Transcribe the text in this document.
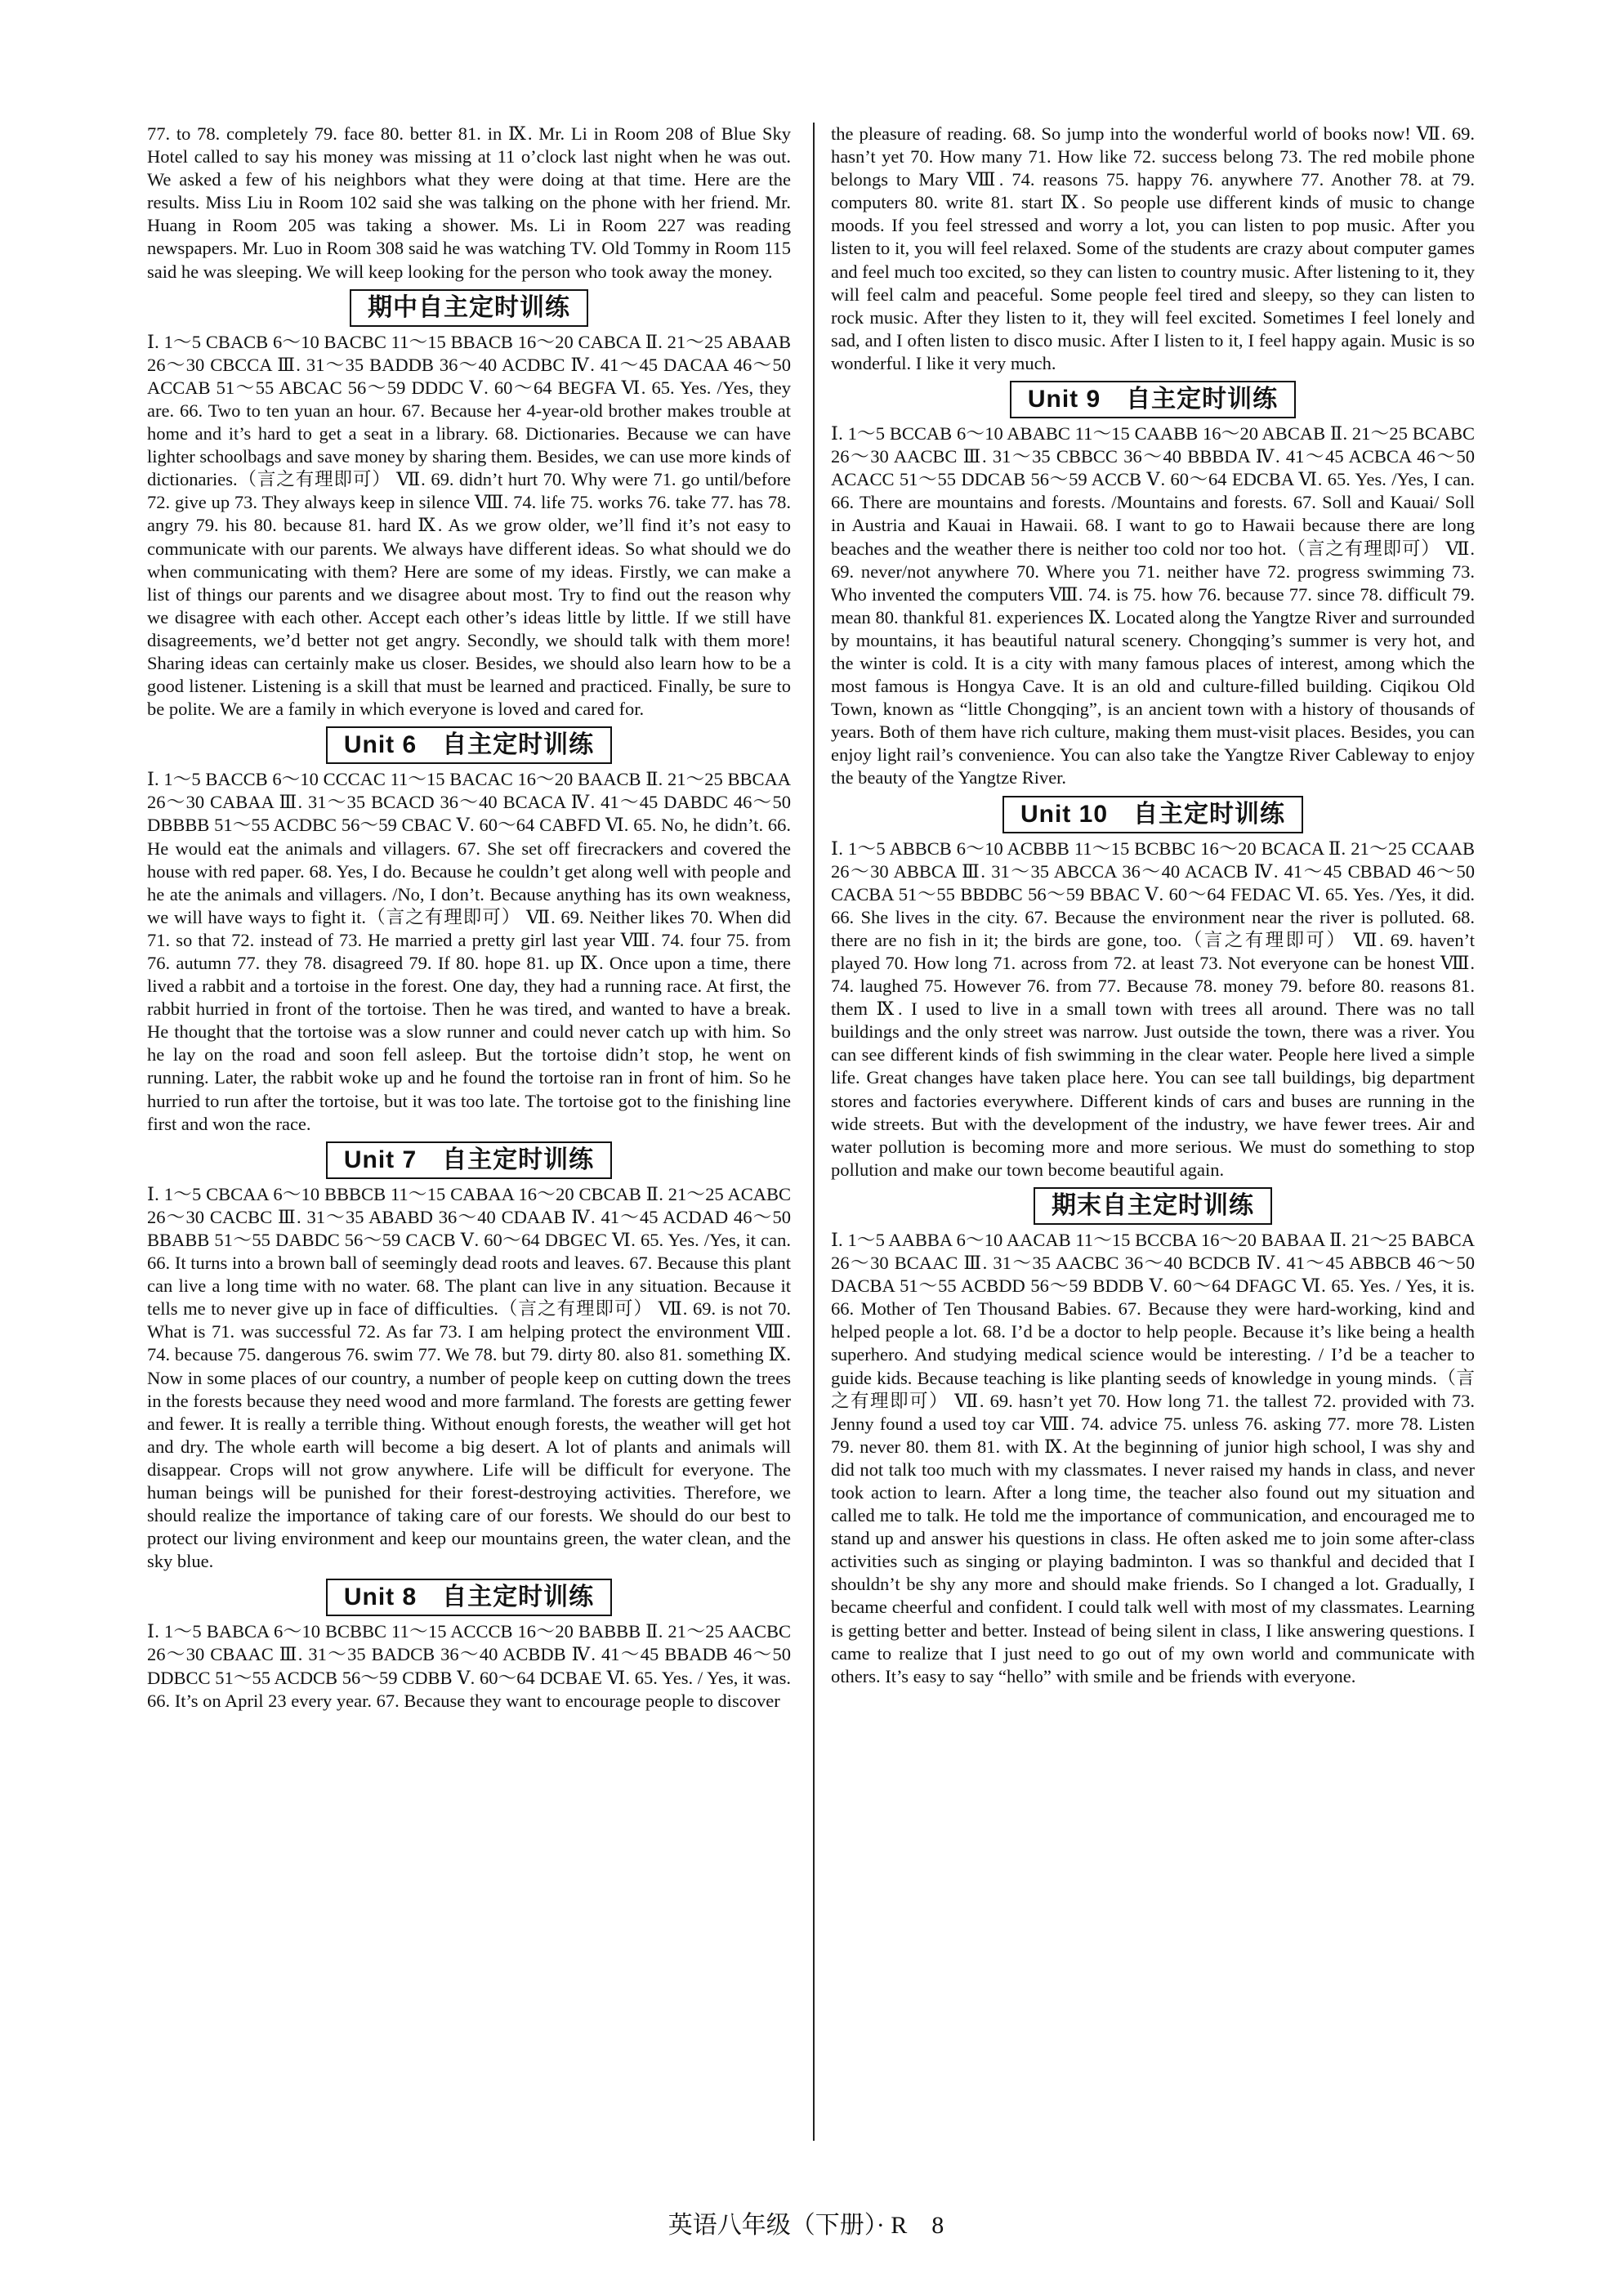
77. to 78. completely 79. face 80. better 81. in Ⅸ. Mr. Li in Room 208 of Blue Sky Hotel called to say his money was missing at 11 o’clock last night when he was out. We asked a few of his neighbors what they were doing at that time. Here are the results. Miss Liu in Room 102 said she was talking on the phone with her friend. Mr. Huang in Room 205 was taking a shower. Ms. Li in Room 227 was reading newspapers. Mr. Luo in Room 308 said he was watching TV. Old Tommy in Room 115 said he was sleeping. We will keep looking for the person who took away the money.

期中自主定时训练

Ⅰ. 1～5 CBACB 6～10 BACBC 11～15 BBACB 16～20 CABCA Ⅱ. 21～25 ABAAB 26～30 CBCCA Ⅲ. 31～35 BADDB 36～40 ACDBC Ⅳ. 41～45 DACAA 46～50 ACCAB 51～55 ABCAC 56～59 DDDC Ⅴ. 60～64 BEGFA Ⅵ. 65. Yes. /Yes, they are. 66. Two to ten yuan an hour. 67. Because her 4-year-old brother makes trouble at home and it’s hard to get a seat in a library. 68. Dictionaries. Because we can have lighter schoolbags and save money by sharing them. Besides, we can use more kinds of dictionaries.（言之有理即可） Ⅶ. 69. didn’t hurt 70. Why were 71. go until/before 72. give up 73. They always keep in silence Ⅷ. 74. life 75. works 76. take 77. has 78. angry 79. his 80. because 81. hard Ⅸ. As we grow older, we’ll find it’s not easy to communicate with our parents. We always have different ideas. So what should we do when communicating with them? Here are some of my ideas. Firstly, we can make a list of things our parents and we disagree about most. Try to find out the reason why we disagree with each other. Accept each other’s ideas little by little. If we still have disagreements, we’d better not get angry. Secondly, we should talk with them more! Sharing ideas can certainly make us closer. Besides, we should also learn how to be a good listener. Listening is a skill that must be learned and practiced. Finally, be sure to be polite. We are a family in which everyone is loved and cared for.

Unit 6　自主定时训练

Ⅰ. 1～5 BACCB 6～10 CCCAC 11～15 BACAC 16～20 BAACB Ⅱ. 21～25 BBCAA 26～30 CABAA Ⅲ. 31～35 BCACD 36～40 BCACA Ⅳ. 41～45 DABDC 46～50 DBBBB 51～55 ACDBC 56～59 CBAC Ⅴ. 60～64 CABFD Ⅵ. 65. No, he didn’t. 66. He would eat the animals and villagers. 67. She set off firecrackers and covered the house with red paper. 68. Yes, I do. Because he couldn’t get along well with people and he ate the animals and villagers. /No, I don’t. Because anything has its own weakness, we will have ways to fight it.（言之有理即可） Ⅶ. 69. Neither likes 70. When did 71. so that 72. instead of 73. He married a pretty girl last year Ⅷ. 74. four 75. from 76. autumn 77. they 78. disagreed 79. If 80. hope 81. up Ⅸ. Once upon a time, there lived a rabbit and a tortoise in the forest. One day, they had a running race. At first, the rabbit hurried in front of the tortoise. Then he was tired, and wanted to have a break. He thought that the tortoise was a slow runner and could never catch up with him. So he lay on the road and soon fell asleep. But the tortoise didn’t stop, he went on running. Later, the rabbit woke up and he found the tortoise ran in front of him. So he hurried to run after the tortoise, but it was too late. The tortoise got to the finishing line first and won the race.

Unit 7　自主定时训练

Ⅰ. 1～5 CBCAA 6～10 BBBCB 11～15 CABAA 16～20 CBCAB Ⅱ. 21～25 ACABC 26～30 CACBC Ⅲ. 31～35 ABABD 36～40 CDAAB Ⅳ. 41～45 ACDAD 46～50 BBABB 51～55 DABDC 56～59 CACB Ⅴ. 60～64 DBGEC Ⅵ. 65. Yes. /Yes, it can. 66. It turns into a brown ball of seemingly dead roots and leaves. 67. Because this plant can live a long time with no water. 68. The plant can live in any situation. Because it tells me to never give up in face of difficulties.（言之有理即可） Ⅶ. 69. is not 70. What is 71. was successful 72. As far 73. I am helping protect the environment Ⅷ. 74. because 75. dangerous 76. swim 77. We 78. but 79. dirty 80. also 81. something Ⅸ. Now in some places of our country, a number of people keep on cutting down the trees in the forests because they need wood and more farmland. The forests are getting fewer and fewer. It is really a terrible thing. Without enough forests, the weather will get hot and dry. The whole earth will become a big desert. A lot of plants and animals will disappear. Crops will not grow anywhere. Life will be difficult for everyone. The human beings will be punished for their forest-destroying activities. Therefore, we should realize the importance of taking care of our forests. We should do our best to protect our living environment and keep our mountains green, the water clean, and the sky blue.

Unit 8　自主定时训练

Ⅰ. 1～5 BABCA 6～10 BCBBC 11～15 ACCCB 16～20 BABBB Ⅱ. 21～25 AACBC 26～30 CBAAC Ⅲ. 31～35 BADCB 36～40 ACBDB Ⅳ. 41～45 BBADB 46～50 DDBCC 51～55 ACDCB 56～59 CDBB Ⅴ. 60～64 DCBAE Ⅵ. 65. Yes. / Yes, it was. 66. It’s on April 23 every year. 67. Because they want to encourage people to discover

the pleasure of reading. 68. So jump into the wonderful world of books now! Ⅶ. 69. hasn’t yet 70. How many 71. How like 72. success belong 73. The red mobile phone belongs to Mary Ⅷ. 74. reasons 75. happy 76. anywhere 77. Another 78. at 79. computers 80. write 81. start Ⅸ. So people use different kinds of music to change moods. If you feel stressed and worry a lot, you can listen to pop music. After you listen to it, you will feel relaxed. Some of the students are crazy about computer games and feel much too excited, so they can listen to country music. After listening to it, they will feel calm and peaceful. Some people feel tired and sleepy, so they can listen to rock music. After they listen to it, they will feel excited. Sometimes I feel lonely and sad, and I often listen to disco music. After I listen to it, I feel happy again. Music is so wonderful. I like it very much.

Unit 9　自主定时训练

Ⅰ. 1～5 BCCAB 6～10 ABABC 11～15 CAABB 16～20 ABCAB Ⅱ. 21～25 BCABC 26～30 AACBC Ⅲ. 31～35 CBBCC 36～40 BBBDA Ⅳ. 41～45 ACBCA 46～50 ACACC 51～55 DDCAB 56～59 ACCB Ⅴ. 60～64 EDCBA Ⅵ. 65. Yes. /Yes, I can. 66. There are mountains and forests. /Mountains and forests. 67. Soll and Kauai/ Soll in Austria and Kauai in Hawaii. 68. I want to go to Hawaii because there are long beaches and the weather there is neither too cold nor too hot.（言之有理即可） Ⅶ. 69. never/not anywhere 70. Where you 71. neither have 72. progress swimming 73. Who invented the computers Ⅷ. 74. is 75. how 76. because 77. since 78. difficult 79. mean 80. thankful 81. experiences Ⅸ. Located along the Yangtze River and surrounded by mountains, it has beautiful natural scenery. Chongqing’s summer is very hot, and the winter is cold. It is a city with many famous places of interest, among which the most famous is Hongya Cave. It is an old and culture-filled building. Ciqikou Old Town, known as “little Chongqing”, is an ancient town with a history of thousands of years. Both of them have rich culture, making them must-visit places. Besides, you can enjoy light rail’s convenience. You can also take the Yangtze River Cableway to enjoy the beauty of the Yangtze River.

Unit 10　自主定时训练

Ⅰ. 1～5 ABBCB 6～10 ACBBB 11～15 BCBBC 16～20 BCACA Ⅱ. 21～25 CCAAB 26～30 ABBCA Ⅲ. 31～35 ABCCA 36～40 ACACB Ⅳ. 41～45 CBBAD 46～50 CACBA 51～55 BBDBC 56～59 BBAC Ⅴ. 60～64 FEDAC Ⅵ. 65. Yes. /Yes, it did. 66. She lives in the city. 67. Because the environment near the river is polluted. 68. there are no fish in it; the birds are gone, too.（言之有理即可） Ⅶ. 69. haven’t played 70. How long 71. across from 72. at least 73. Not everyone can be honest Ⅷ. 74. laughed 75. However 76. from 77. Because 78. money 79. before 80. reasons 81. them Ⅸ. I used to live in a small town with trees all around. There was no tall buildings and the only street was narrow. Just outside the town, there was a river. You can see different kinds of fish swimming in the clear water. People here lived a simple life. Great changes have taken place here. You can see tall buildings, big department stores and factories everywhere. Different kinds of cars and buses are running in the wide streets. But with the development of the industry, we have fewer trees. Air and water pollution is becoming more and more serious. We must do something to stop pollution and make our town become beautiful again.

期末自主定时训练

Ⅰ. 1～5 AABBA 6～10 AACAB 11～15 BCCBA 16～20 BABAA Ⅱ. 21～25 BABCA 26～30 BCAAC Ⅲ. 31～35 AACBC 36～40 BCDCB Ⅳ. 41～45 ABBCB 46～50 DACBA 51～55 ACBDD 56～59 BDDB Ⅴ. 60～64 DFAGC Ⅵ. 65. Yes. / Yes, it is. 66. Mother of Ten Thousand Babies. 67. Because they were hard-working, kind and helped people a lot. 68. I’d be a doctor to help people. Because it’s like being a health superhero. And studying medical science would be interesting. / I’d be a teacher to guide kids. Because teaching is like planting seeds of knowledge in young minds.（言之有理即可） Ⅶ. 69. hasn’t yet 70. How long 71. the tallest 72. provided with 73. Jenny found a used toy car Ⅷ. 74. advice 75. unless 76. asking 77. more 78. Listen 79. never 80. them 81. with Ⅸ. At the beginning of junior high school, I was shy and did not talk too much with my classmates. I never raised my hands in class, and never took action to learn. After a long time, the teacher also found out my situation and called me to talk. He told me the importance of communication, and encouraged me to stand up and answer his questions in class. He often asked me to join some after-class activities such as singing or playing badminton. I was so thankful and decided that I shouldn’t be shy any more and should make friends. So I changed a lot. Gradually, I became cheerful and confident. I could talk well with most of my classmates. Learning is getting better and better. Instead of being silent in class, I like answering questions. I came to realize that I just need to go out of my own world and communicate with others. It’s easy to say “hello” with smile and be friends with everyone.

英语八年级（下册）· R　8
